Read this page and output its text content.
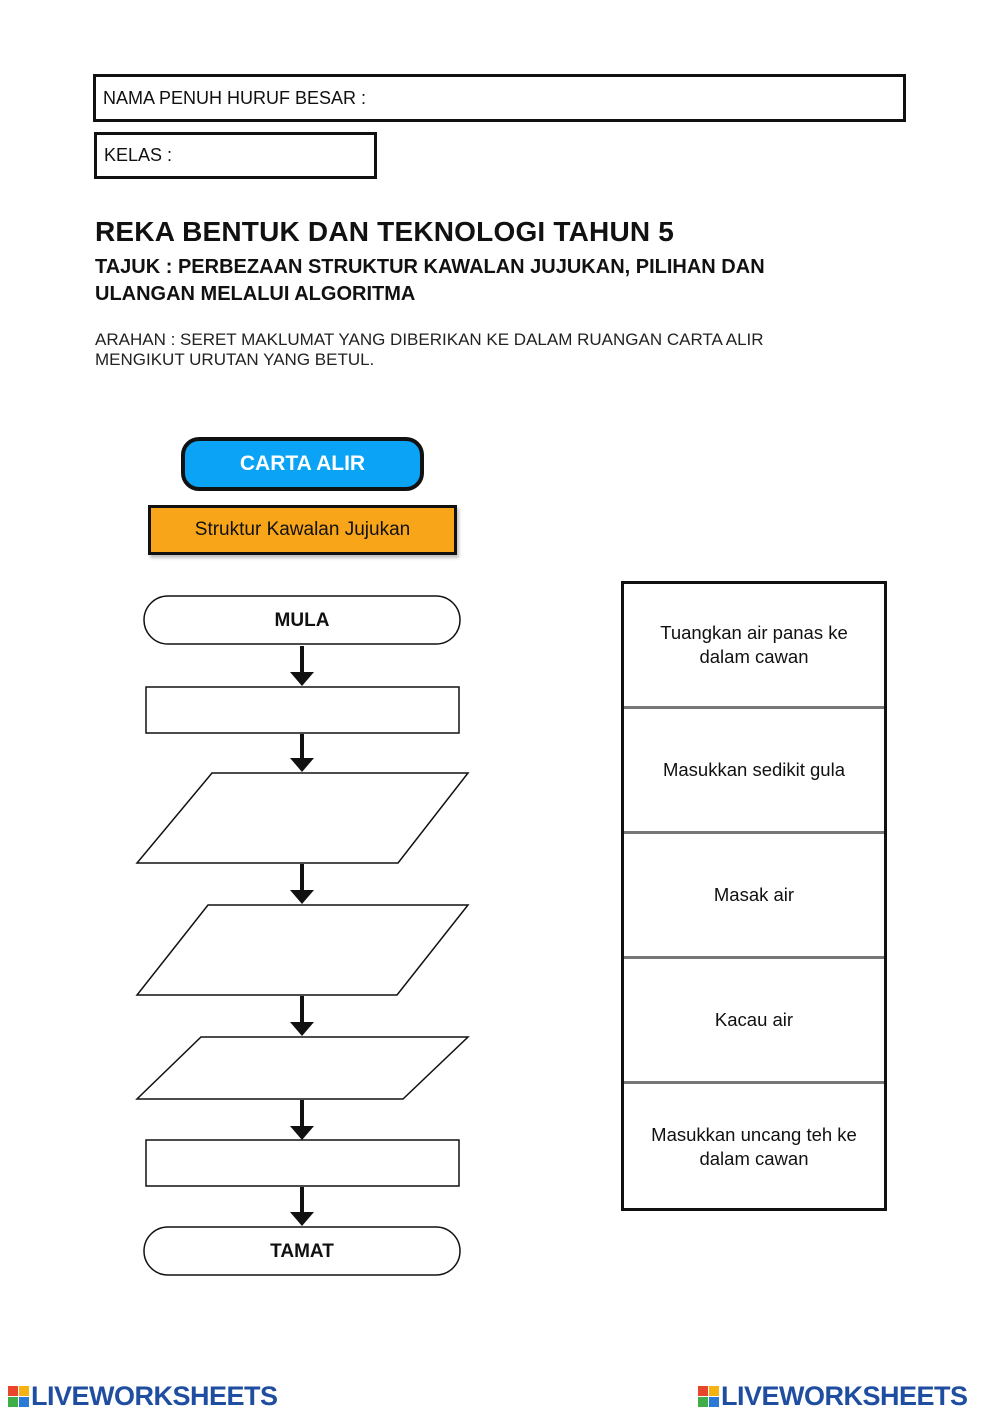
NAMA PENUH HURUF BESAR :
KELAS :
REKA BENTUK DAN TEKNOLOGI TAHUN 5
TAJUK : PERBEZAAN STRUKTUR KAWALAN JUJUKAN, PILIHAN DAN ULANGAN MELALUI ALGORITMA
ARAHAN : SERET MAKLUMAT YANG DIBERIKAN KE DALAM RUANGAN CARTA ALIR MENGIKUT URUTAN YANG BETUL.
CARTA ALIR
Struktur Kawalan Jujukan
MULA
TAMAT
Tuangkan air panas ke dalam cawan
Masukkan sedikit gula
Masak air
Kacau air
Masukkan uncang teh ke dalam cawan
LIVEWORKSHEETS	LIVEWORKSHEETS
